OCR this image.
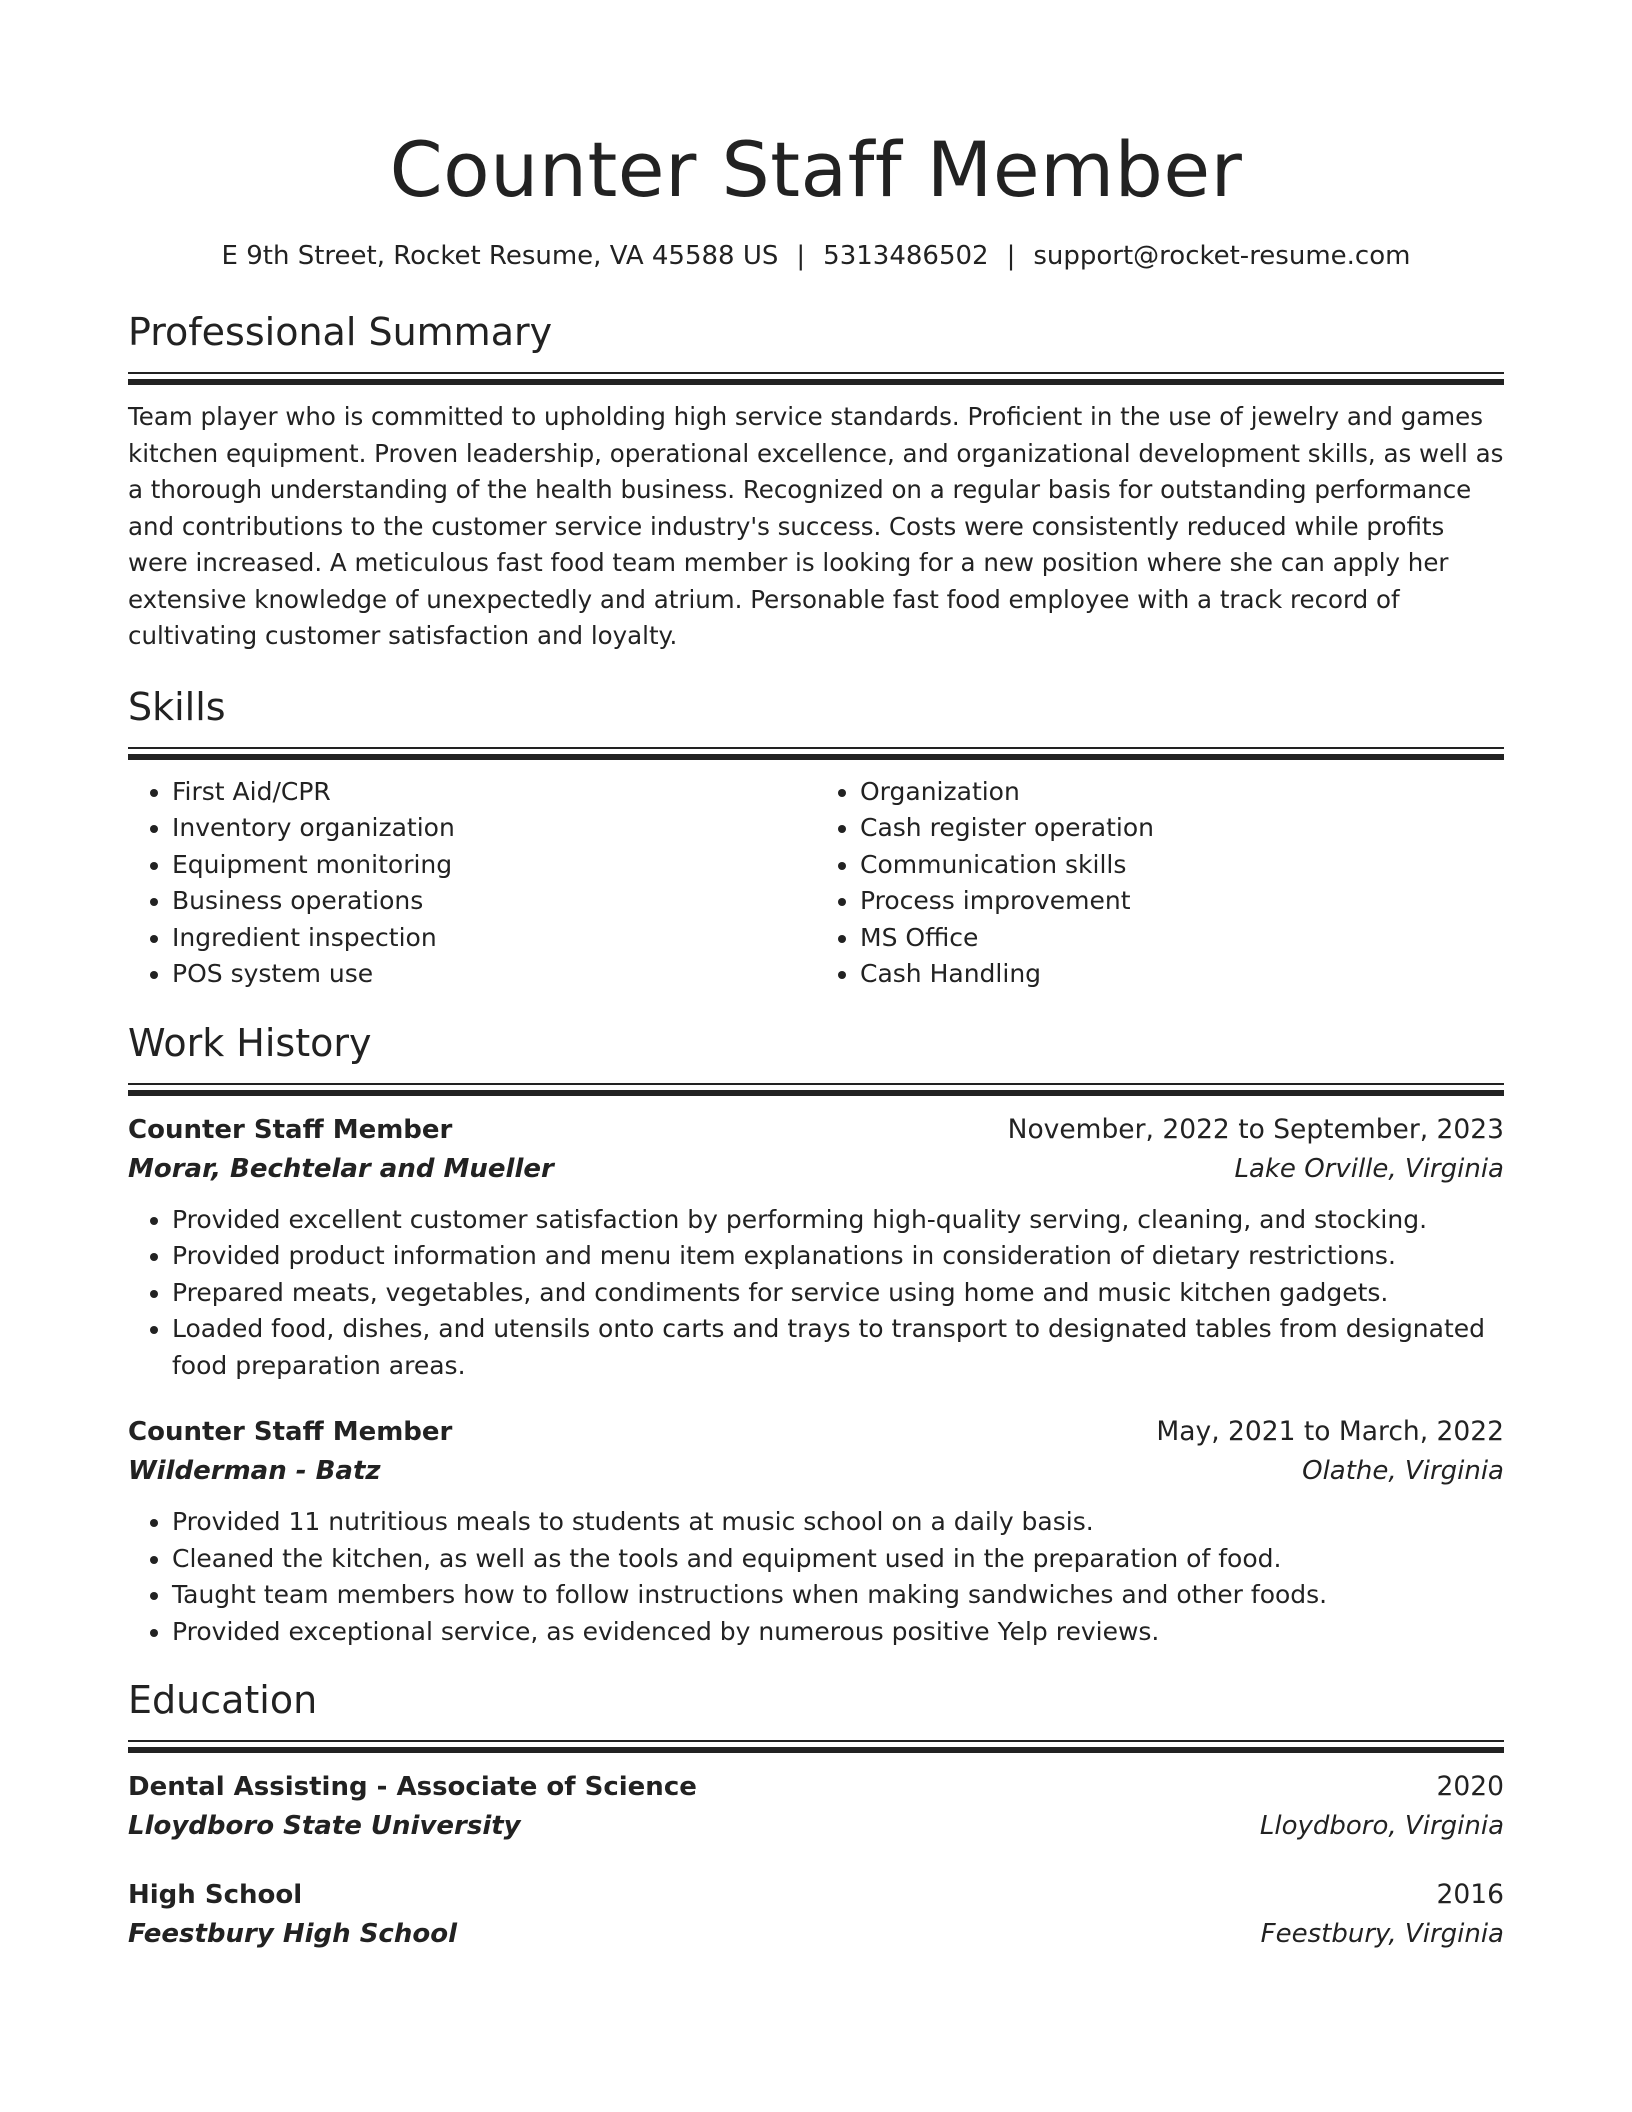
Counter Staff Member
E 9th Street, Rocket Resume, VA 45588 US | 5313486502 | support@rocket-resume.com
Professional Summary
Team player who is committed to upholding high service standards. Proficient in the use of jewelry and games kitchen equipment. Proven leadership, operational excellence, and organizational development skills, as well as a thorough understanding of the health business. Recognized on a regular basis for outstanding performance and contributions to the customer service industry's success. Costs were consistently reduced while profits were increased. A meticulous fast food team member is looking for a new position where she can apply her extensive knowledge of unexpectedly and atrium. Personable fast food employee with a track record of cultivating customer satisfaction and loyalty.
Skills
• First Aid/CPR
• Inventory organization
• Equipment monitoring
• Business operations
• Ingredient inspection
• POS system use
• Organization
• Cash register operation
• Communication skills
• Process improvement
• MS Office
• Cash Handling
Work History
Counter Staff Member	November, 2022 to September, 2023
Morar, Bechtelar and Mueller	Lake Orville, Virginia
• Provided excellent customer satisfaction by performing high-quality serving, cleaning, and stocking.
• Provided product information and menu item explanations in consideration of dietary restrictions.
• Prepared meats, vegetables, and condiments for service using home and music kitchen gadgets.
• Loaded food, dishes, and utensils onto carts and trays to transport to designated tables from designated food preparation areas.
Counter Staff Member	May, 2021 to March, 2022
Wilderman - Batz	Olathe, Virginia
• Provided 11 nutritious meals to students at music school on a daily basis.
• Cleaned the kitchen, as well as the tools and equipment used in the preparation of food.
• Taught team members how to follow instructions when making sandwiches and other foods.
• Provided exceptional service, as evidenced by numerous positive Yelp reviews.
Education
Dental Assisting - Associate of Science	2020
Lloydboro State University	Lloydboro, Virginia
High School	2016
Feestbury High School	Feestbury, Virginia
